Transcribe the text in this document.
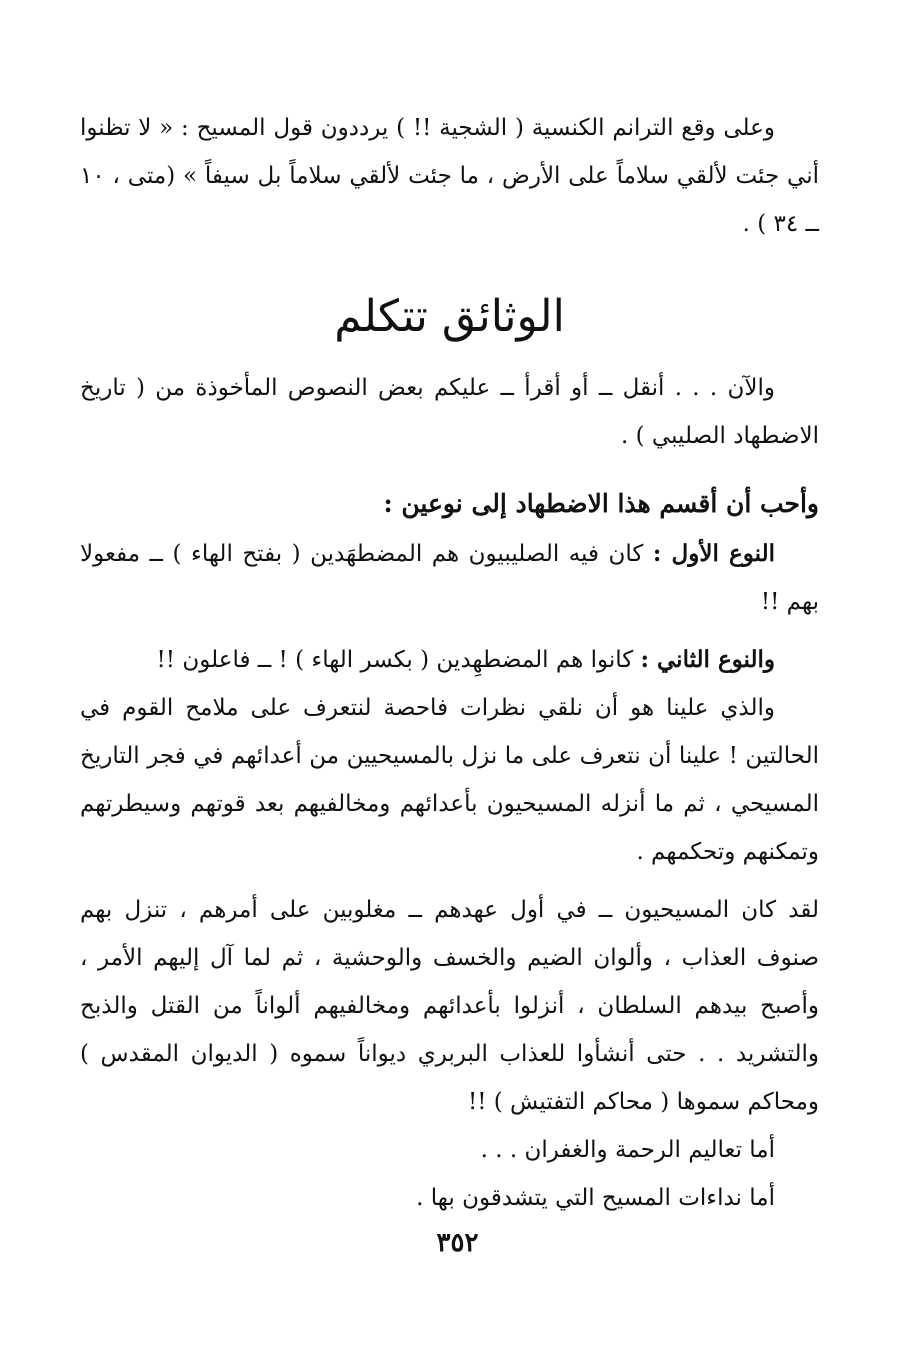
وعلى وقع الترانم الكنسية ( الشجية !! ) يرددون قول المسيح : « لا تظنوا أني جئت لألقي سلاماً على الأرض ، ما جئت لألقي سلاماً بل سيفاً » (متى ، ١٠ ــ ٣٤ ) .

الوثائق تتكلم

والآن . . . أنقل ــ أو أقرأ ــ عليكم بعض النصوص المأخوذة من ( تاريخ الاضطهاد الصليبي ) .

وأحب أن أقسم هذا الاضطهاد إلى نوعين :

النوع الأول : كان فيه الصليبيون هم المضطهَدين ( بفتح الهاء ) ــ مفعولا بهم !!

والنوع الثاني : كانوا هم المضطهِدين ( بكسر الهاء ) ! ــ فاعلون !!

والذي علينا هو أن نلقي نظرات فاحصة لنتعرف على ملامح القوم في الحالتين ! علينا أن نتعرف على ما نزل بالمسيحيين من أعدائهم في فجر التاريخ المسيحي ، ثم ما أنزله المسيحيون بأعدائهم ومخالفيهم بعد قوتهم وسيطرتهم وتمكنهم وتحكمهم .

لقد كان المسيحيون ــ في أول عهدهم ــ مغلوبين على أمرهم ، تنزل بهم صنوف العذاب ، وألوان الضيم والخسف والوحشية ، ثم لما آل إليهم الأمر ، وأصبح بيدهم السلطان ، أنزلوا بأعدائهم ومخالفيهم ألواناً من القتل والذبح والتشريد . . حتى أنشأوا للعذاب البربري ديواناً سموه ( الديوان المقدس ) ومحاكم سموها ( محاكم التفتيش ) !!

أما تعاليم الرحمة والغفران . . .

أما نداءات المسيح التي يتشدقون بها .

٣٥٢
